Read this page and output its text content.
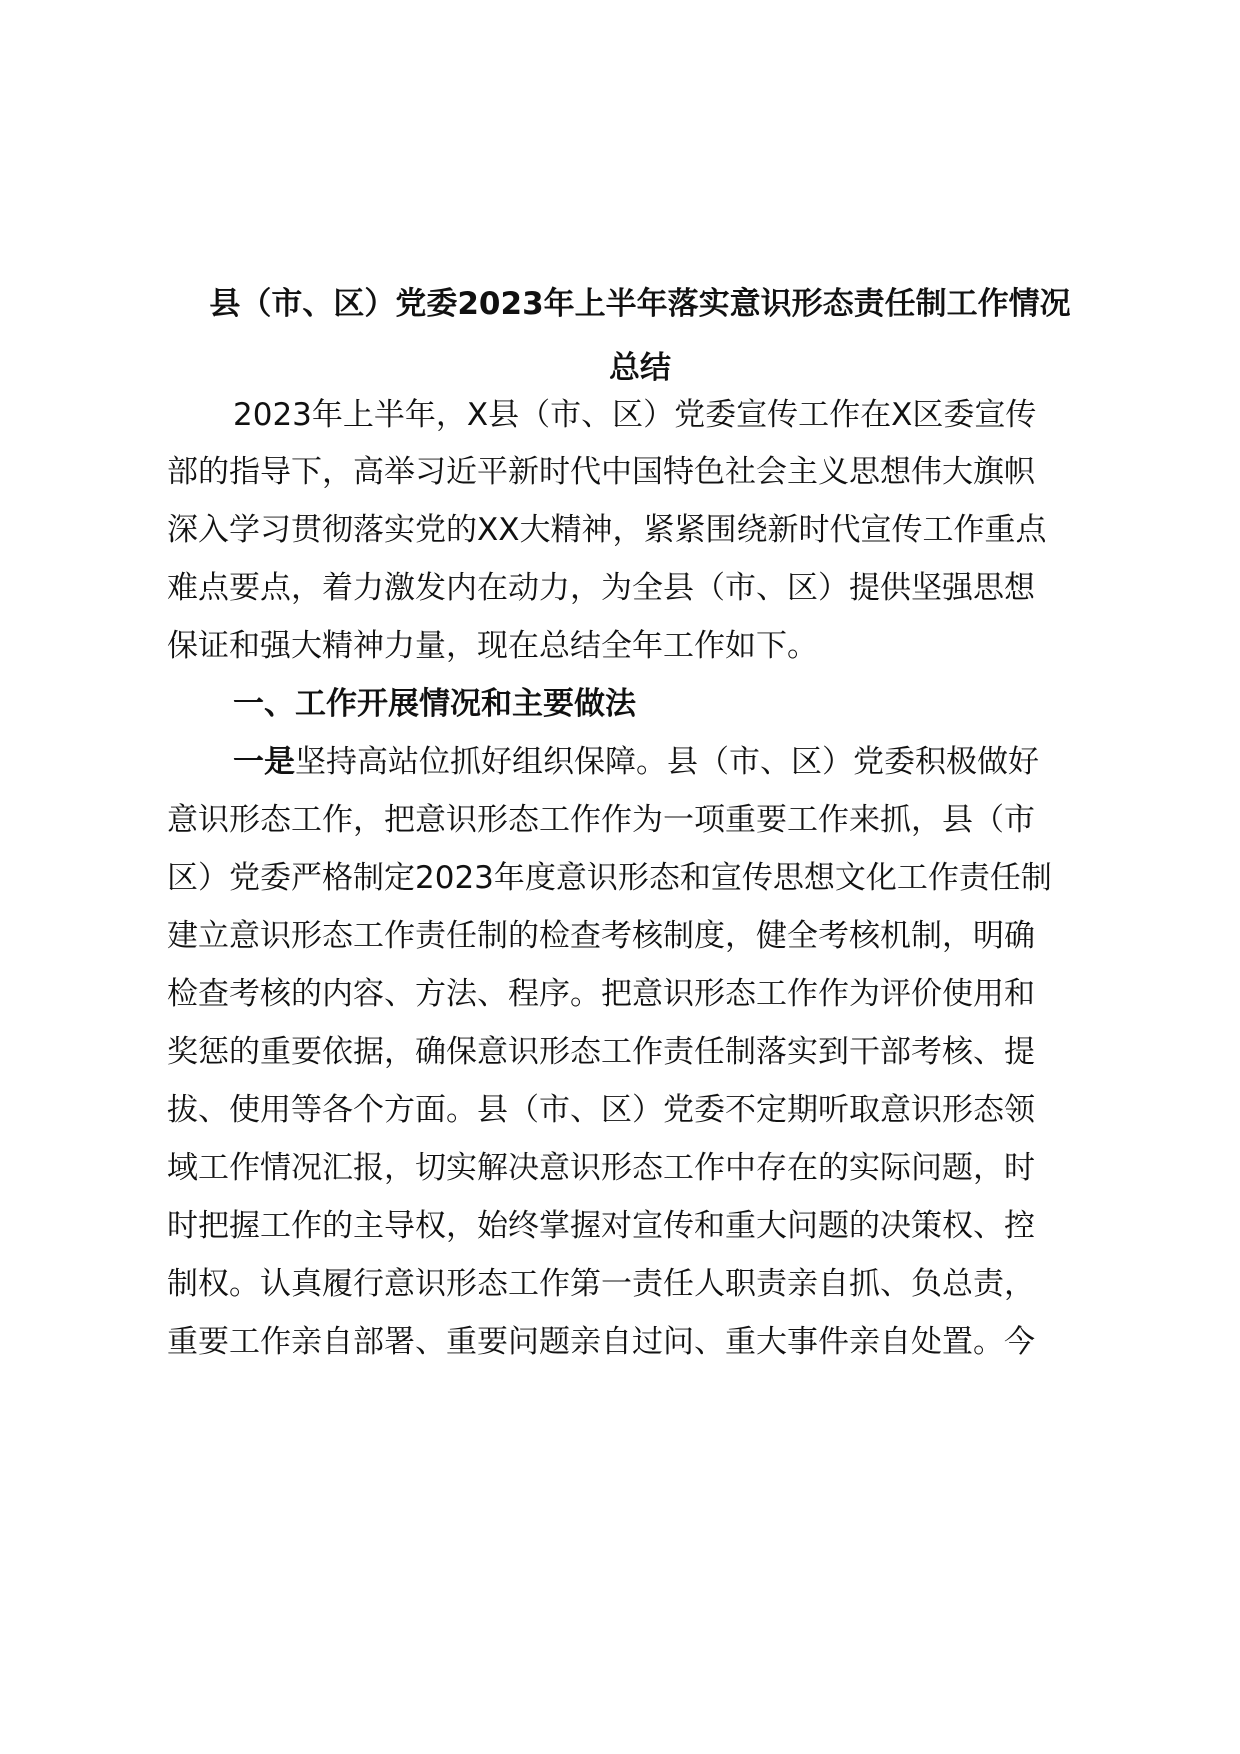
县（市、区）党委2023年上半年落实意识形态责任制工作情况
总结
2023年上半年，X县（市、区）党委宣传工作在X区委宣传
部的指导下，高举习近平新时代中国特色社会主义思想伟大旗帜
深入学习贯彻落实党的XX大精神，紧紧围绕新时代宣传工作重点
难点要点，着力激发内在动力，为全县（市、区）提供坚强思想
保证和强大精神力量，现在总结全年工作如下。
一、工作开展情况和主要做法
一是坚持高站位抓好组织保障。县（市、区）党委积极做好
意识形态工作，把意识形态工作作为一项重要工作来抓，县（市
区）党委严格制定2023年度意识形态和宣传思想文化工作责任制
建立意识形态工作责任制的检查考核制度，健全考核机制，明确
检查考核的内容、方法、程序。把意识形态工作作为评价使用和
奖惩的重要依据，确保意识形态工作责任制落实到干部考核、提
拔、使用等各个方面。县（市、区）党委不定期听取意识形态领
域工作情况汇报，切实解决意识形态工作中存在的实际问题，时
时把握工作的主导权，始终掌握对宣传和重大问题的决策权、控
制权。认真履行意识形态工作第一责任人职责亲自抓、负总责，
重要工作亲自部署、重要问题亲自过问、重大事件亲自处置。今
